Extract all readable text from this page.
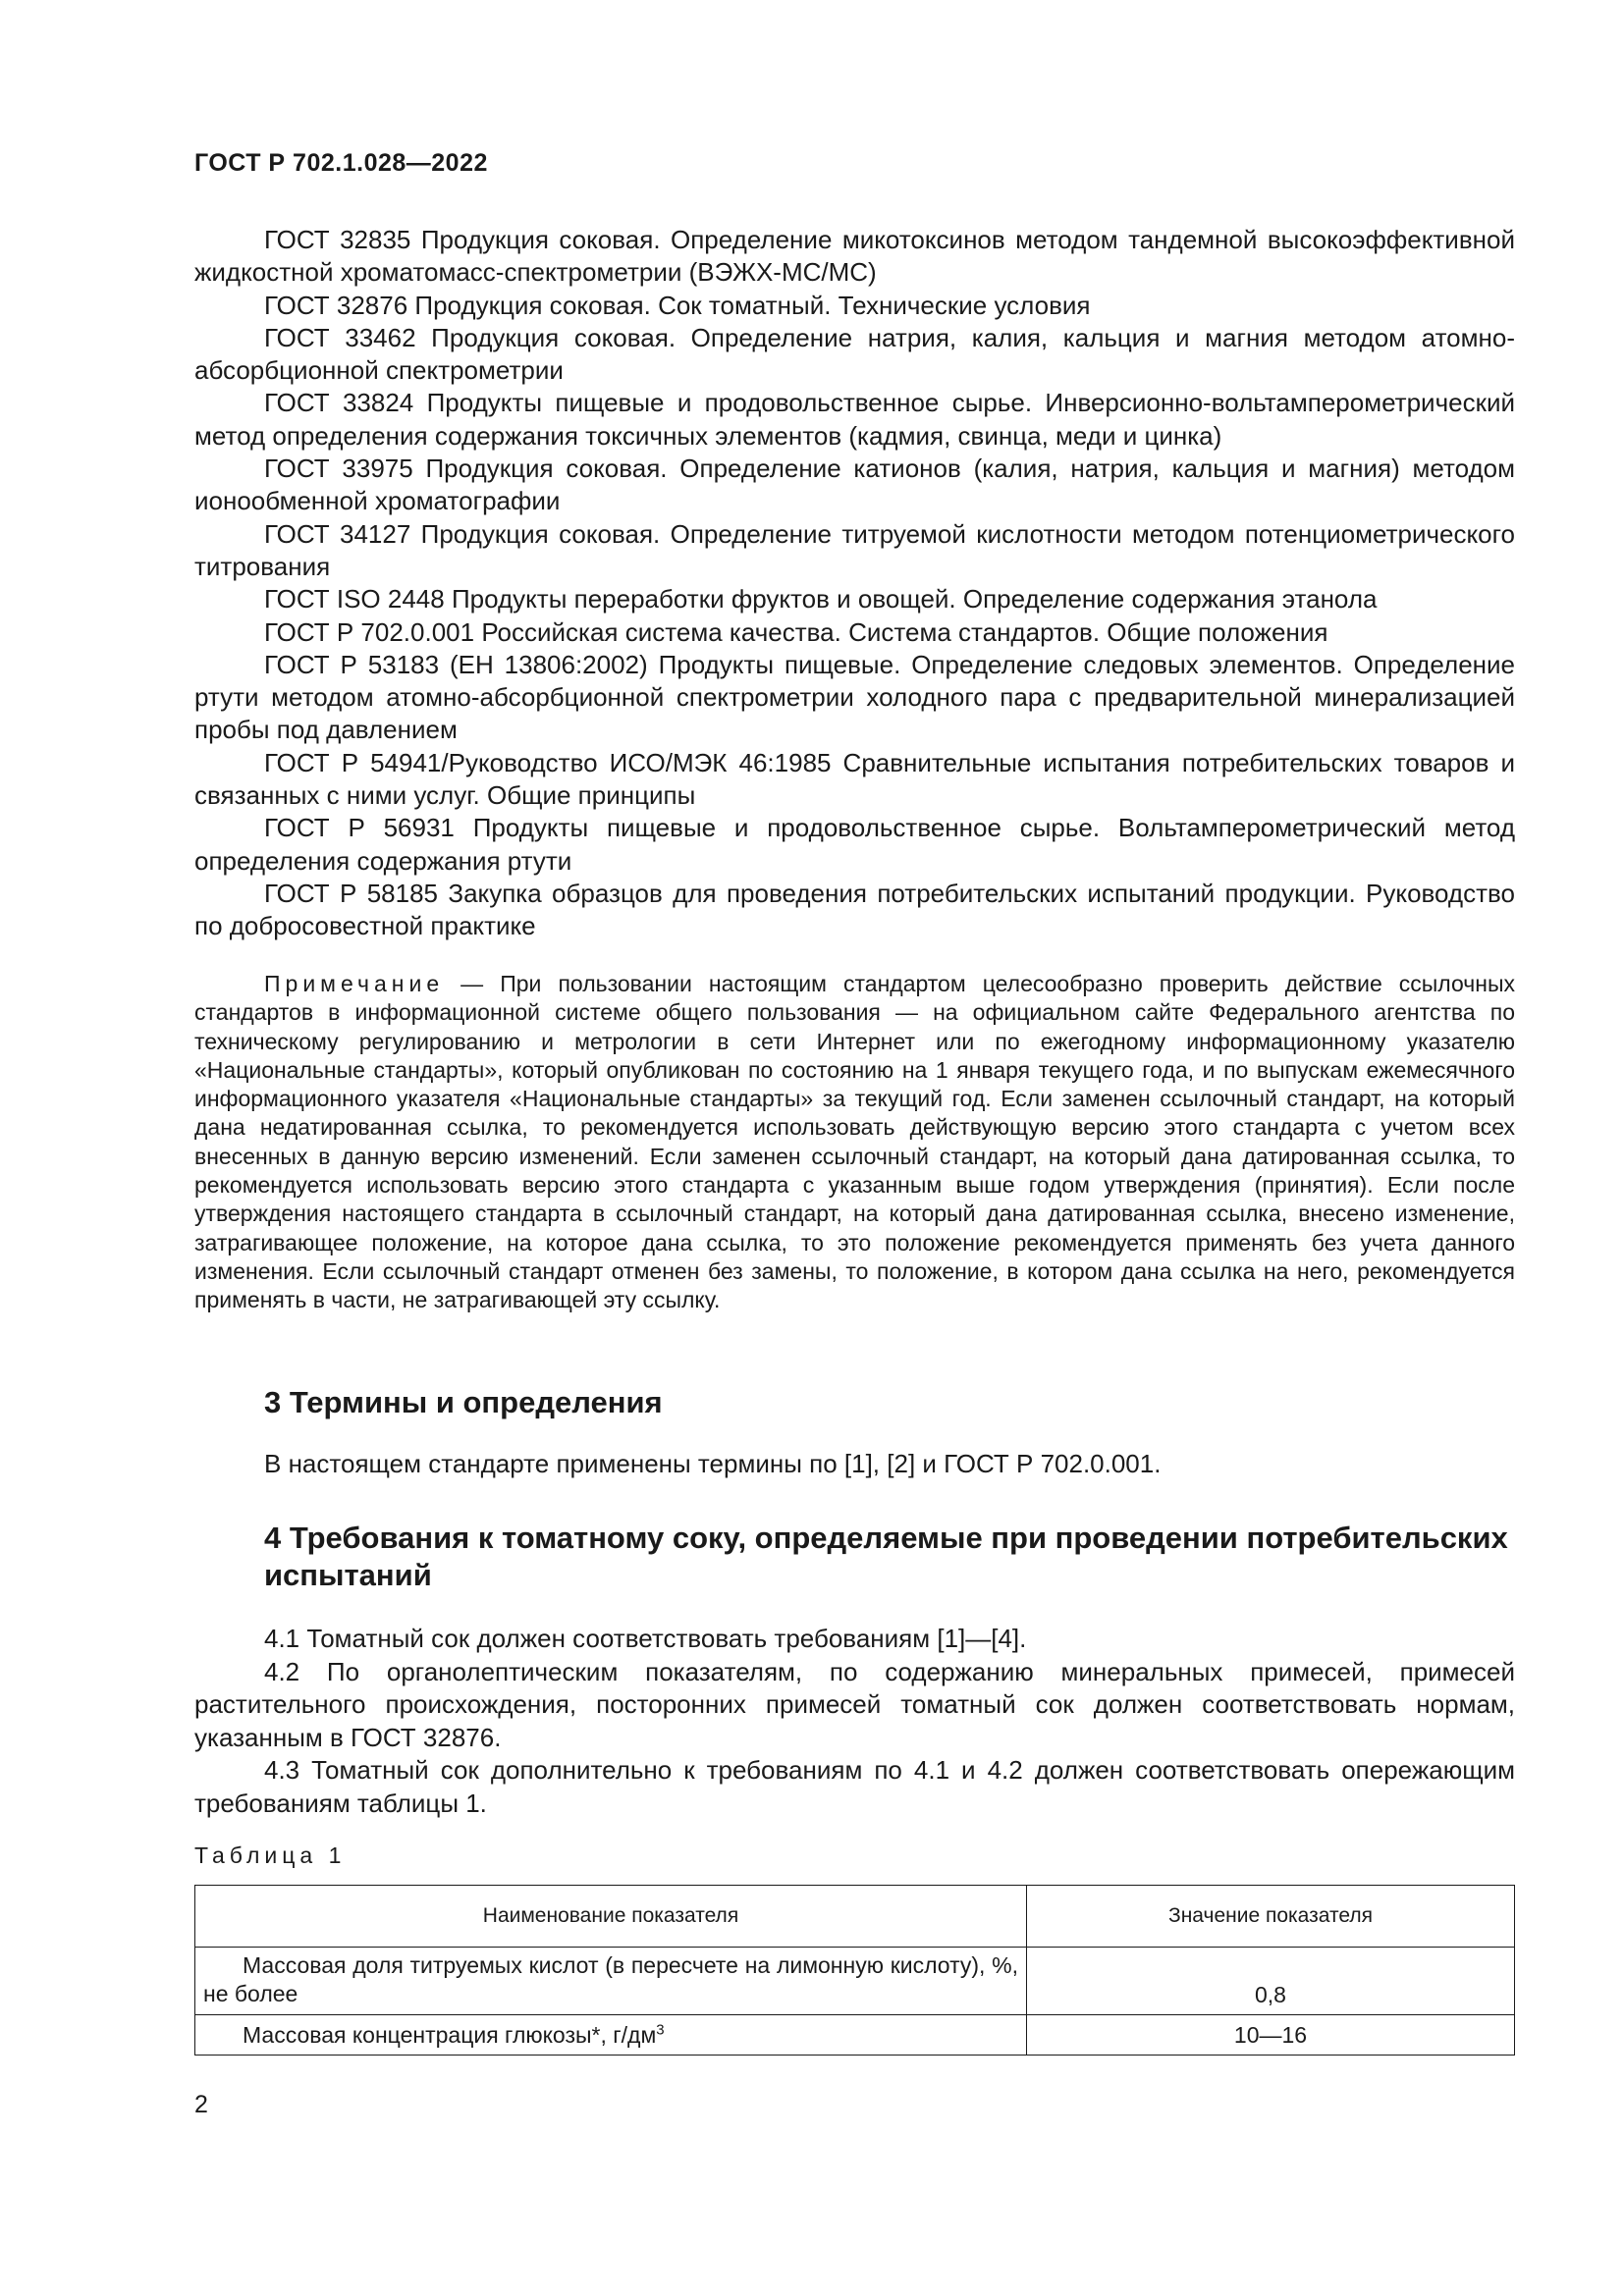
ГОСТ Р 702.1.028—2022

ГОСТ 32835 Продукция соковая. Определение микотоксинов методом тандемной высокоэффективной жидкостной хроматомасс-спектрометрии (ВЭЖХ-МС/МС)

ГОСТ 32876 Продукция соковая. Сок томатный. Технические условия

ГОСТ 33462 Продукция соковая. Определение натрия, калия, кальция и магния методом атомно-абсорбционной спектрометрии

ГОСТ 33824 Продукты пищевые и продовольственное сырье. Инверсионно-вольтамперометрический метод определения содержания токсичных элементов (кадмия, свинца, меди и цинка)

ГОСТ 33975 Продукция соковая. Определение катионов (калия, натрия, кальция и магния) методом ионообменной хроматографии

ГОСТ 34127 Продукция соковая. Определение титруемой кислотности методом потенциометрического титрования

ГОСТ ISO 2448 Продукты переработки фруктов и овощей. Определение содержания этанола

ГОСТ Р 702.0.001 Российская система качества. Система стандартов. Общие положения

ГОСТ Р 53183 (ЕН 13806:2002) Продукты пищевые. Определение следовых элементов. Определение ртути методом атомно-абсорбционной спектрометрии холодного пара с предварительной минерализацией пробы под давлением

ГОСТ Р 54941/Руководство ИСО/МЭК 46:1985 Сравнительные испытания потребительских товаров и связанных с ними услуг. Общие принципы

ГОСТ Р 56931 Продукты пищевые и продовольственное сырье. Вольтамперометрический метод определения содержания ртути

ГОСТ Р 58185 Закупка образцов для проведения потребительских испытаний продукции. Руководство по добросовестной практике

Примечание — При пользовании настоящим стандартом целесообразно проверить действие ссылочных стандартов в информационной системе общего пользования — на официальном сайте Федерального агентства по техническому регулированию и метрологии в сети Интернет или по ежегодному информационному указателю «Национальные стандарты», который опубликован по состоянию на 1 января текущего года, и по выпускам ежемесячного информационного указателя «Национальные стандарты» за текущий год. Если заменен ссылочный стандарт, на который дана недатированная ссылка, то рекомендуется использовать действующую версию этого стандарта с учетом всех внесенных в данную версию изменений. Если заменен ссылочный стандарт, на который дана датированная ссылка, то рекомендуется использовать версию этого стандарта с указанным выше годом утверждения (принятия). Если после утверждения настоящего стандарта в ссылочный стандарт, на который дана датированная ссылка, внесено изменение, затрагивающее положение, на которое дана ссылка, то это положение рекомендуется применять без учета данного изменения. Если ссылочный стандарт отменен без замены, то положение, в котором дана ссылка на него, рекомендуется применять в части, не затрагивающей эту ссылку.

3 Термины и определения

В настоящем стандарте применены термины по [1], [2] и ГОСТ Р 702.0.001.

4 Требования к томатному соку, определяемые при проведении потребительских испытаний

4.1 Томатный сок должен соответствовать требованиям [1]—[4].

4.2 По органолептическим показателям, по содержанию минеральных примесей, примесей растительного происхождения, посторонних примесей томатный сок должен соответствовать нормам, указанным в ГОСТ 32876.

4.3 Томатный сок дополнительно к требованиям по 4.1 и 4.2 должен соответствовать опережающим требованиям таблицы 1.

Таблица 1
Наименование показателя	Значение показателя
Массовая доля титруемых кислот (в пересчете на лимонную кислоту), %, не более	0,8
Массовая концентрация глюкозы*, $г/дм^3$	10—16
2
